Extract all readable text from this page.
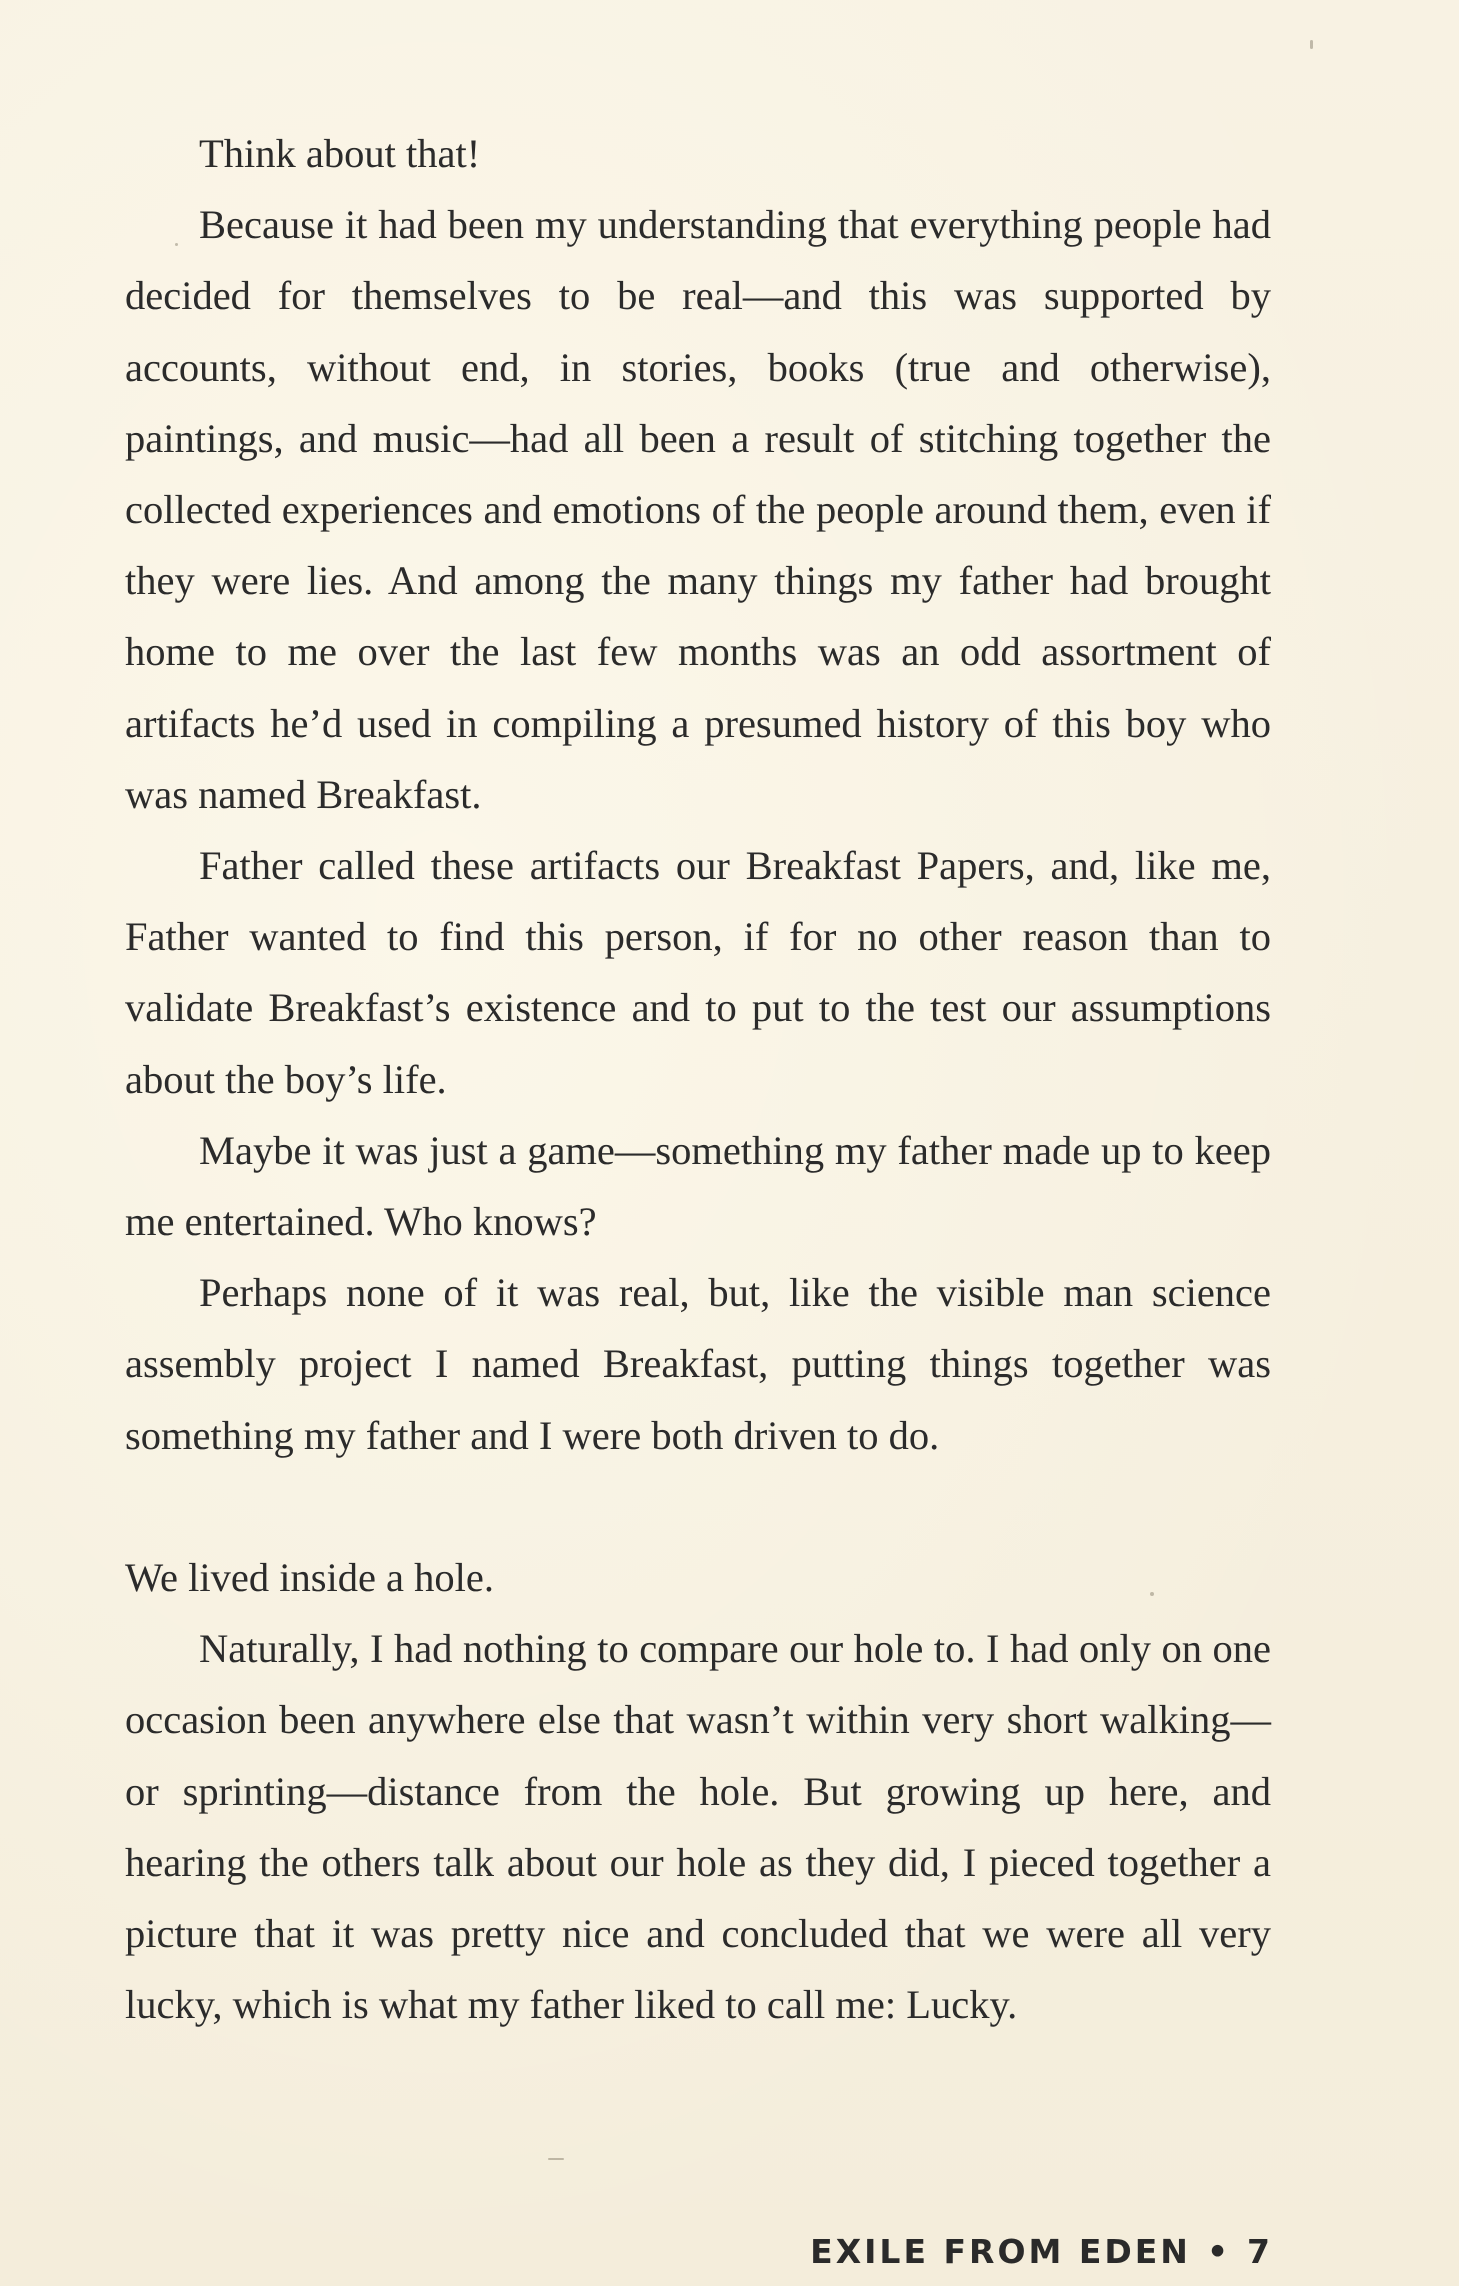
Think about that!

Because it had been my understanding that everything people had decided for themselves to be real—and this was supported by accounts, without end, in stories, books (true and otherwise), paintings, and music—had all been a result of stitching together the collected experiences and emotions of the people around them, even if they were lies. And among the many things my father had brought home to me over the last few months was an odd assortment of artifacts he’d used in compiling a presumed history of this boy who was named Breakfast.

Father called these artifacts our Breakfast Papers, and, like me, Father wanted to find this person, if for no other reason than to validate Breakfast’s existence and to put to the test our assumptions about the boy’s life.

Maybe it was just a game—something my father made up to keep me entertained. Who knows?

Perhaps none of it was real, but, like the visible man science assembly project I named Breakfast, putting things together was something my father and I were both driven to do.

We lived inside a hole.

Naturally, I had nothing to compare our hole to. I had only on one occasion been anywhere else that wasn’t within very short walking—or sprinting—distance from the hole. But growing up here, and hearing the others talk about our hole as they did, I pieced together a picture that it was pretty nice and concluded that we were all very lucky, which is what my father liked to call me: Lucky.

EXILE FROM EDEN • 7
